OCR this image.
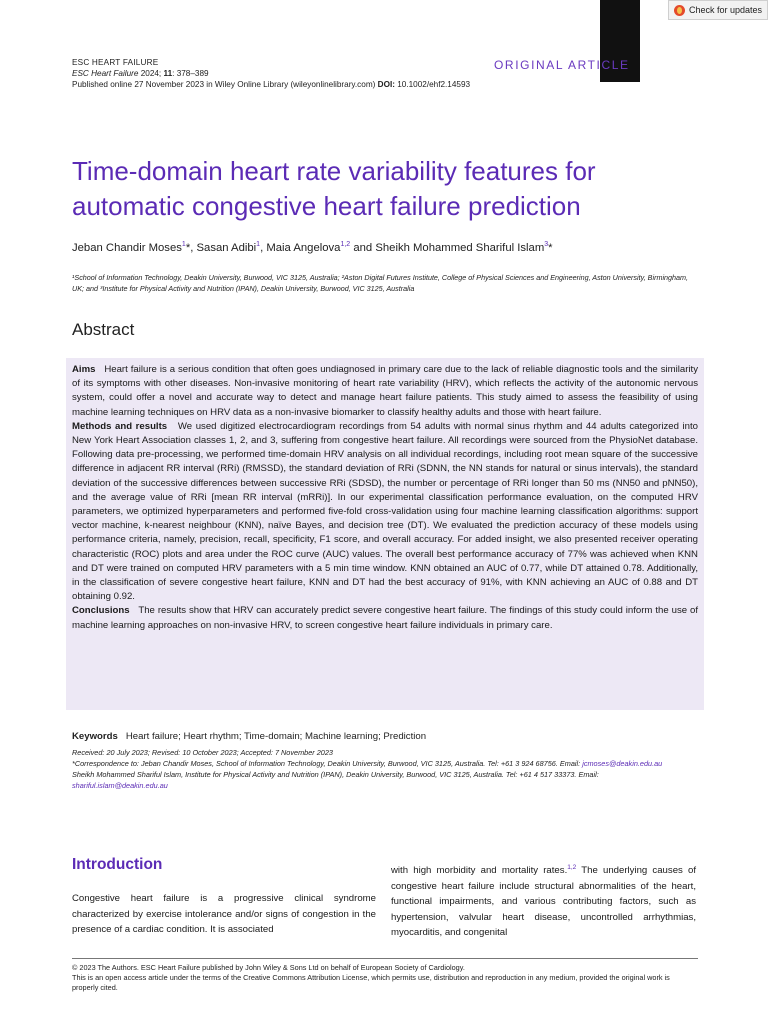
Check for updates
ESC HEART FAILURE
ESC Heart Failure 2024; 11: 378–389
Published online 27 November 2023 in Wiley Online Library (wileyonlinelibrary.com) DOI: 10.1002/ehf2.14593
ORIGINAL ARTICLE
Time-domain heart rate variability features for automatic congestive heart failure prediction
Jeban Chandir Moses$^1$*, Sasan Adibi$^1$, Maia Angelova$^{1,2}$ and Sheikh Mohammed Shariful Islam$^3$*
¹School of Information Technology, Deakin University, Burwood, VIC 3125, Australia; ²Aston Digital Futures Institute, College of Physical Sciences and Engineering, Aston University, Birmingham, UK; and ³Institute for Physical Activity and Nutrition (IPAN), Deakin University, Burwood, VIC 3125, Australia
Abstract

Aims Heart failure is a serious condition that often goes undiagnosed in primary care due to the lack of reliable diagnostic tools and the similarity of its symptoms with other diseases. Non-invasive monitoring of heart rate variability (HRV), which reflects the activity of the autonomic nervous system, could offer a novel and accurate way to detect and manage heart failure patients. This study aimed to assess the feasibility of using machine learning techniques on HRV data as a non-invasive biomarker to classify healthy adults and those with heart failure.

Methods and results We used digitized electrocardiogram recordings from 54 adults with normal sinus rhythm and 44 adults categorized into New York Heart Association classes 1, 2, and 3, suffering from congestive heart failure. All recordings were sourced from the PhysioNet database. Following data pre-processing, we performed time-domain HRV analysis on all individual recordings, including root mean square of the successive difference in adjacent RR interval (RRi) (RMSSD), the standard deviation of RRi (SDNN, the NN stands for natural or sinus intervals), the standard deviation of the successive differences between successive RRi (SDSD), the number or percentage of RRi longer than 50 ms (NN50 and pNN50), and the average value of RRi [mean RR interval (mRRi)]. In our experimental classification performance evaluation, on the computed HRV parameters, we optimized hyperparameters and performed five-fold cross-validation using four machine learning classification algorithms: support vector machine, k-nearest neighbour (KNN), naïve Bayes, and decision tree (DT). We evaluated the prediction accuracy of these models using performance criteria, namely, precision, recall, specificity, F1 score, and overall accuracy. For added insight, we also presented receiver operating characteristic (ROC) plots and area under the ROC curve (AUC) values. The overall best performance accuracy of 77% was achieved when KNN and DT were trained on computed HRV parameters with a 5 min time window. KNN obtained an AUC of 0.77, while DT attained 0.78. Additionally, in the classification of severe congestive heart failure, KNN and DT had the best accuracy of 91%, with KNN achieving an AUC of 0.88 and DT obtaining 0.92.

Conclusions The results show that HRV can accurately predict severe congestive heart failure. The findings of this study could inform the use of machine learning approaches on non-invasive HRV, to screen congestive heart failure individuals in primary care.

Keywords Heart failure; Heart rhythm; Time-domain; Machine learning; Prediction
Received: 20 July 2023; Revised: 10 October 2023; Accepted: 7 November 2023
*Correspondence to: Jeban Chandir Moses, School of Information Technology, Deakin University, Burwood, VIC 3125, Australia. Tel: +61 3 924 68756. Email: jcmoses@deakin.edu.au
Sheikh Mohammed Shariful Islam, Institute for Physical Activity and Nutrition (IPAN), Deakin University, Burwood, VIC 3125, Australia. Tel: +61 4 517 33373. Email: shariful.islam@deakin.edu.au
Introduction
Congestive heart failure is a progressive clinical syndrome characterized by exercise intolerance and/or signs of congestion in the presence of a cardiac condition. It is associated
with high morbidity and mortality rates.$^{1,2}$ The underlying causes of congestive heart failure include structural abnormalities of the heart, functional impairments, and various contributing factors, such as hypertension, valvular heart disease, uncontrolled arrhythmias, myocarditis, and congenital
© 2023 The Authors. ESC Heart Failure published by John Wiley & Sons Ltd on behalf of European Society of Cardiology.
This is an open access article under the terms of the Creative Commons Attribution License, which permits use, distribution and reproduction in any medium, provided the original work is properly cited.
